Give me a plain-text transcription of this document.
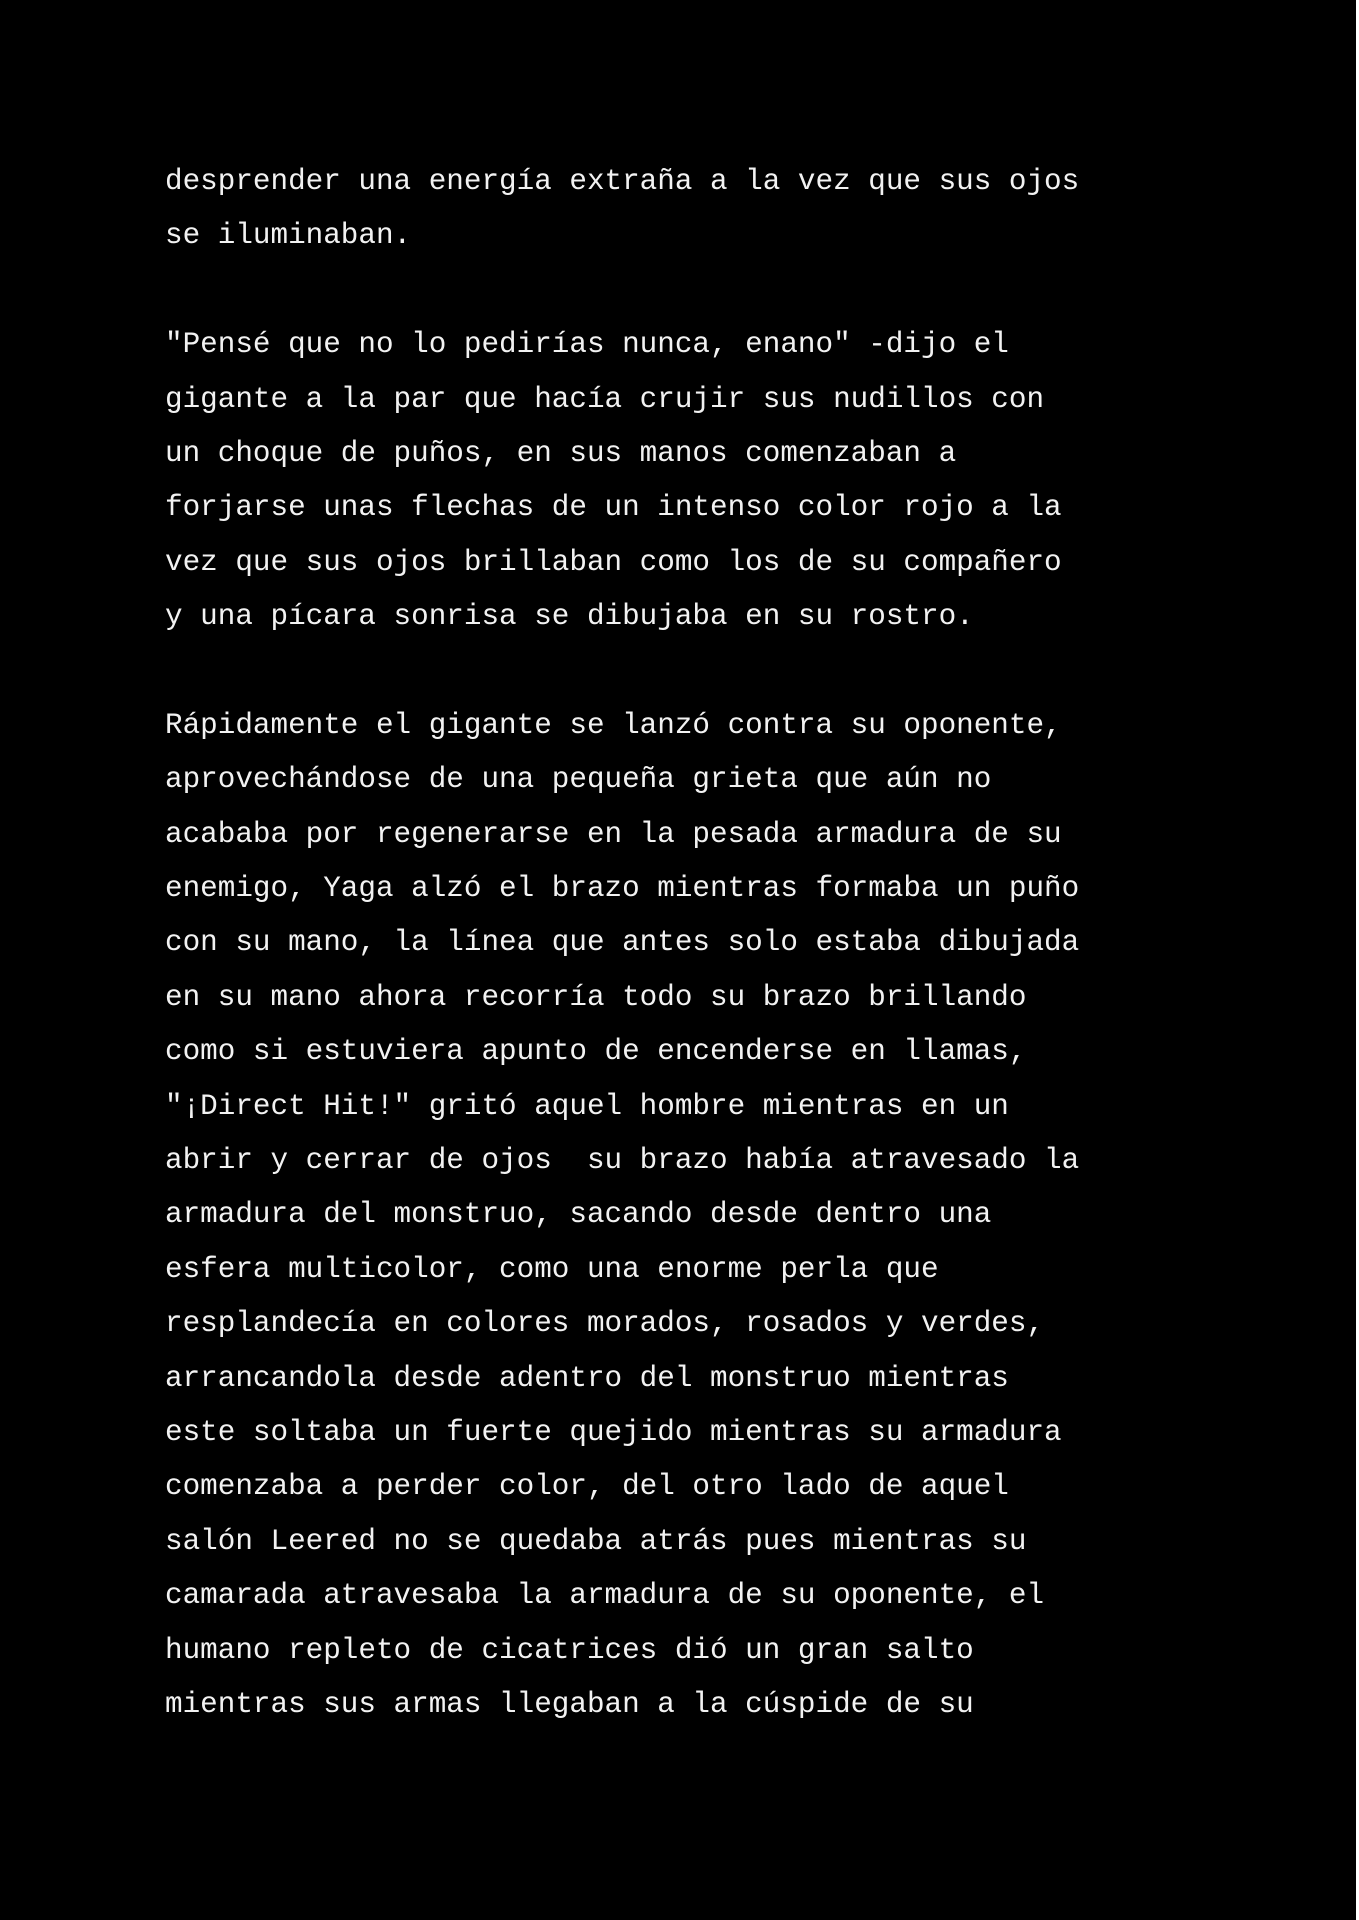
desprender una energía extraña a la vez que sus ojos
se iluminaban.
"Pensé que no lo pedirías nunca, enano" -dijo el
gigante a la par que hacía crujir sus nudillos con
un choque de puños, en sus manos comenzaban a
forjarse unas flechas de un intenso color rojo a la
vez que sus ojos brillaban como los de su compañero
y una pícara sonrisa se dibujaba en su rostro.
Rápidamente el gigante se lanzó contra su oponente,
aprovechándose de una pequeña grieta que aún no
acababa por regenerarse en la pesada armadura de su
enemigo, Yaga alzó el brazo mientras formaba un puño
con su mano, la línea que antes solo estaba dibujada
en su mano ahora recorría todo su brazo brillando
como si estuviera apunto de encenderse en llamas,
"¡Direct Hit!" gritó aquel hombre mientras en un
abrir y cerrar de ojos  su brazo había atravesado la
armadura del monstruo, sacando desde dentro una
esfera multicolor, como una enorme perla que
resplandecía en colores morados, rosados y verdes,
arrancandola desde adentro del monstruo mientras
este soltaba un fuerte quejido mientras su armadura
comenzaba a perder color, del otro lado de aquel
salón Leered no se quedaba atrás pues mientras su
camarada atravesaba la armadura de su oponente, el
humano repleto de cicatrices dió un gran salto
mientras sus armas llegaban a la cúspide de su
